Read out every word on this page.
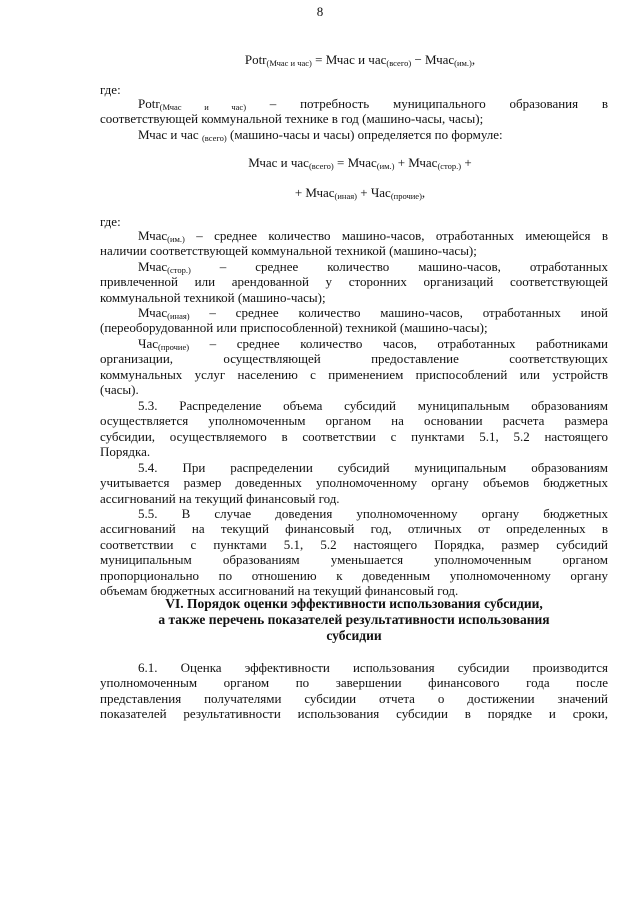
8
Potr$_{(Мчас и час)}$ = Мчас и час$_{(всего)}$ − Мчас$_{(им.)}$,
где:

Potr$_{(Мчас и час)}$ – потребность муниципального образования в

соответствующей коммунальной технике в год (машино-часы, часы);

Мчас и час $_{(всего)}$ (машино-часы и часы) определяется по формуле:

Мчас и час$_{(всего)}$ = Мчас$_{(им.)}$ + Мчас$_{(стор.)}$ +
+ Мчас$_{(иная)}$ + Час$_{(прочие)}$,
где:

Мчас$_{(им.)}$ – среднее количество машино-часов, отработанных имеющейся в

наличии соответствующей коммунальной техникой (машино-часы);

Мчас$_{(стор.)}$ – среднее количество машино-часов, отработанных

привлеченной или арендованной у сторонних организаций соответствующей

коммунальной техникой (машино-часы);

Мчас$_{(иная)}$ – среднее количество машино-часов, отработанных иной

(переоборудованной или приспособленной) техникой (машино-часы);

Час$_{(прочие)}$ – среднее количество часов, отработанных работниками

организации, осуществляющей предоставление соответствующих

коммунальных услуг населению с применением приспособлений или устройств

(часы).

5.3. Распределение объема субсидий муниципальным образованиям

осуществляется уполномоченным органом на основании расчета размера

субсидии, осуществляемого в соответствии с пунктами 5.1, 5.2 настоящего

Порядка.

5.4. При распределении субсидий муниципальным образованиям

учитывается размер доведенных уполномоченному органу объемов бюджетных

ассигнований на текущий финансовый год.

5.5. В случае доведения уполномоченному органу бюджетных

ассигнований на текущий финансовый год, отличных от определенных в

соответствии с пунктами 5.1, 5.2 настоящего Порядка, размер субсидий

муниципальным образованиям уменьшается уполномоченным органом

пропорционально по отношению к доведенным уполномоченному органу

объемам бюджетных ассигнований на текущий финансовый год.

VI. Порядок оценки эффективности использования субсидии,

а также перечень показателей результативности использования

субсидии

6.1. Оценка эффективности использования субсидии производится

уполномоченным органом по завершении финансового года после

представления получателями субсидии отчета о достижении значений

показателей результативности использования субсидии в порядке и сроки,
